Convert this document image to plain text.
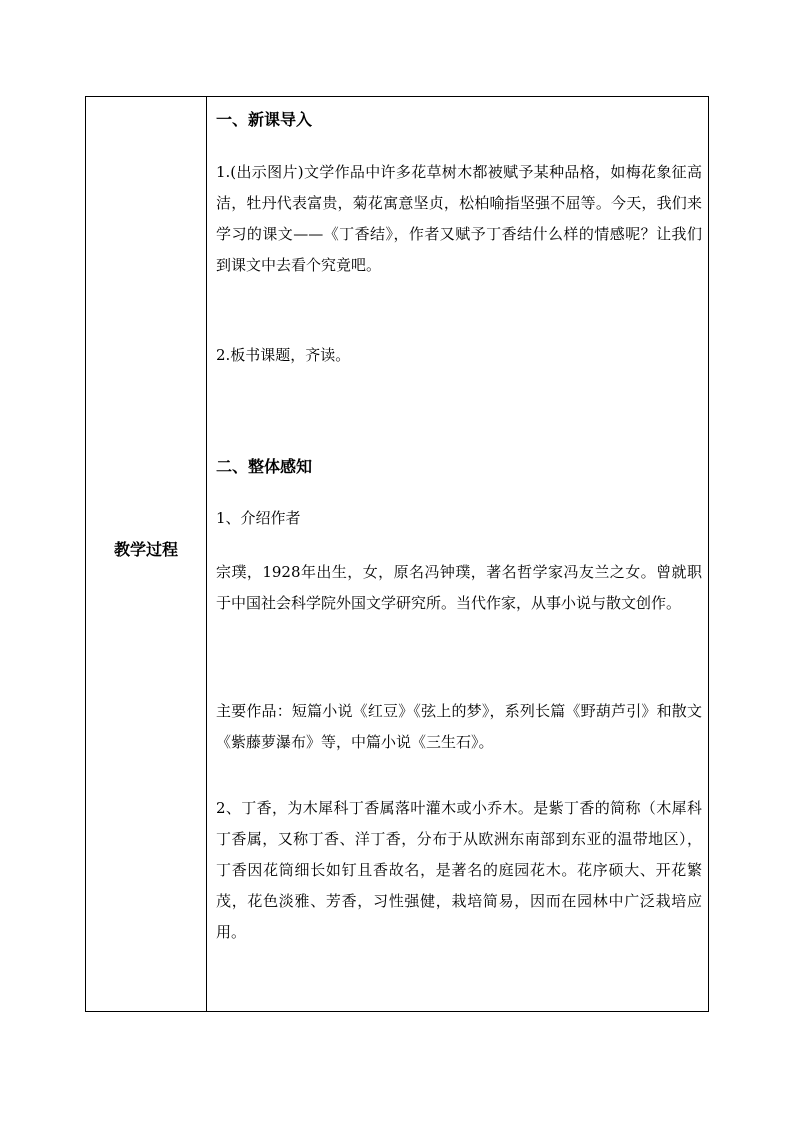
教学过程
一、新课导入

1.(出示图片)文学作品中许多花草树木都被赋予某种品格，如梅花象征高洁，牡丹代表富贵，菊花寓意坚贞，松柏喻指坚强不屈等。今天，我们来学习的课文——《丁香结》，作者又赋予丁香结什么样的情感呢？让我们到课文中去看个究竟吧。

2.板书课题，齐读。

二、整体感知

1、介绍作者

宗璞，1928年出生，女，原名冯钟璞，著名哲学家冯友兰之女。曾就职于中国社会科学院外国文学研究所。当代作家，从事小说与散文创作。

主要作品：短篇小说《红豆》《弦上的梦》，系列长篇《野葫芦引》和散文《紫藤萝瀑布》等，中篇小说《三生石》。

2、丁香，为木犀科丁香属落叶灌木或小乔木。是紫丁香的简称（木犀科丁香属，又称丁香、洋丁香，分布于从欧洲东南部到东亚的温带地区），丁香因花筒细长如钉且香故名，是著名的庭园花木。花序硕大、开花繁茂，花色淡雅、芳香，习性强健，栽培简易，因而在园林中广泛栽培应用。
